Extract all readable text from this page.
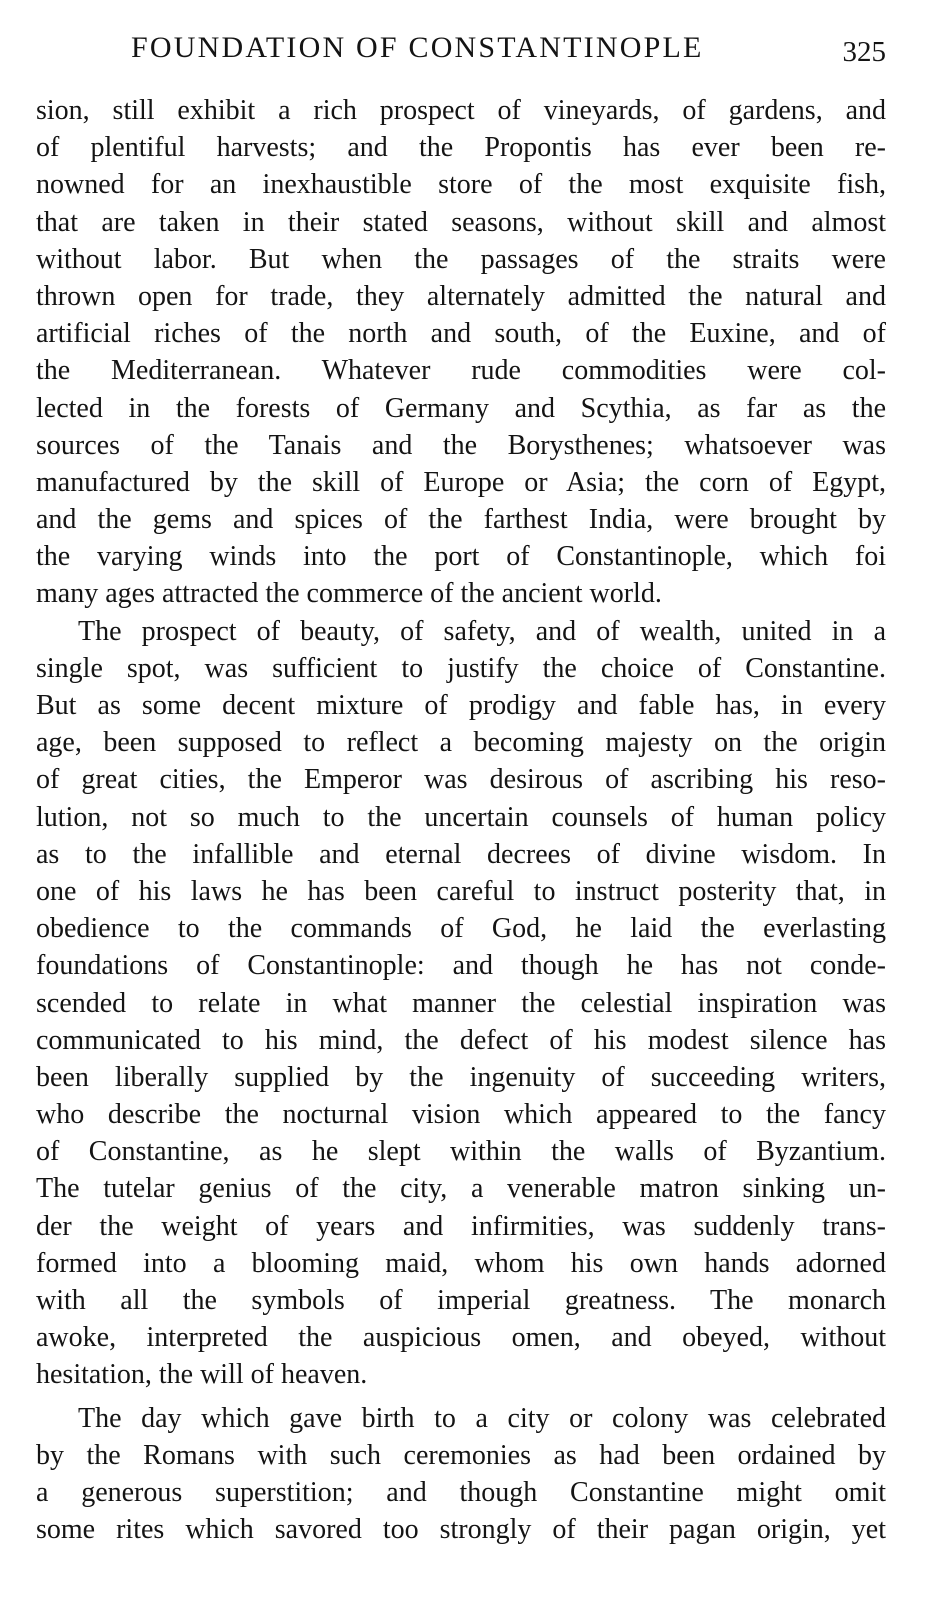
FOUNDATION OF CONSTANTINOPLE	325
sion, still exhibit a rich prospect of vineyards, of gardens, and
of plentiful harvests; and the Propontis has ever been re-
nowned for an inexhaustible store of the most exquisite fish,
that are taken in their stated seasons, without skill and almost
without labor. But when the passages of the straits were
thrown open for trade, they alternately admitted the natural and
artificial riches of the north and south, of the Euxine, and of
the Mediterranean. Whatever rude commodities were col-
lected in the forests of Germany and Scythia, as far as the
sources of the Tanais and the Borysthenes; whatsoever was
manufactured by the skill of Europe or Asia; the corn of Egypt,
and the gems and spices of the farthest India, were brought by
the varying winds into the port of Constantinople, which foi
many ages attracted the commerce of the ancient world.
The prospect of beauty, of safety, and of wealth, united in a
single spot, was sufficient to justify the choice of Constantine.
But as some decent mixture of prodigy and fable has, in every
age, been supposed to reflect a becoming majesty on the origin
of great cities, the Emperor was desirous of ascribing his reso-
lution, not so much to the uncertain counsels of human policy
as to the infallible and eternal decrees of divine wisdom. In
one of his laws he has been careful to instruct posterity that, in
obedience to the commands of God, he laid the everlasting
foundations of Constantinople: and though he has not conde-
scended to relate in what manner the celestial inspiration was
communicated to his mind, the defect of his modest silence has
been liberally supplied by the ingenuity of succeeding writers,
who describe the nocturnal vision which appeared to the fancy
of Constantine, as he slept within the walls of Byzantium.
The tutelar genius of the city, a venerable matron sinking un-
der the weight of years and infirmities, was suddenly trans-
formed into a blooming maid, whom his own hands adorned
with all the symbols of imperial greatness. The monarch
awoke, interpreted the auspicious omen, and obeyed, without
hesitation, the will of heaven.
The day which gave birth to a city or colony was celebrated
by the Romans with such ceremonies as had been ordained by
a generous superstition; and though Constantine might omit
some rites which savored too strongly of their pagan origin, yet
